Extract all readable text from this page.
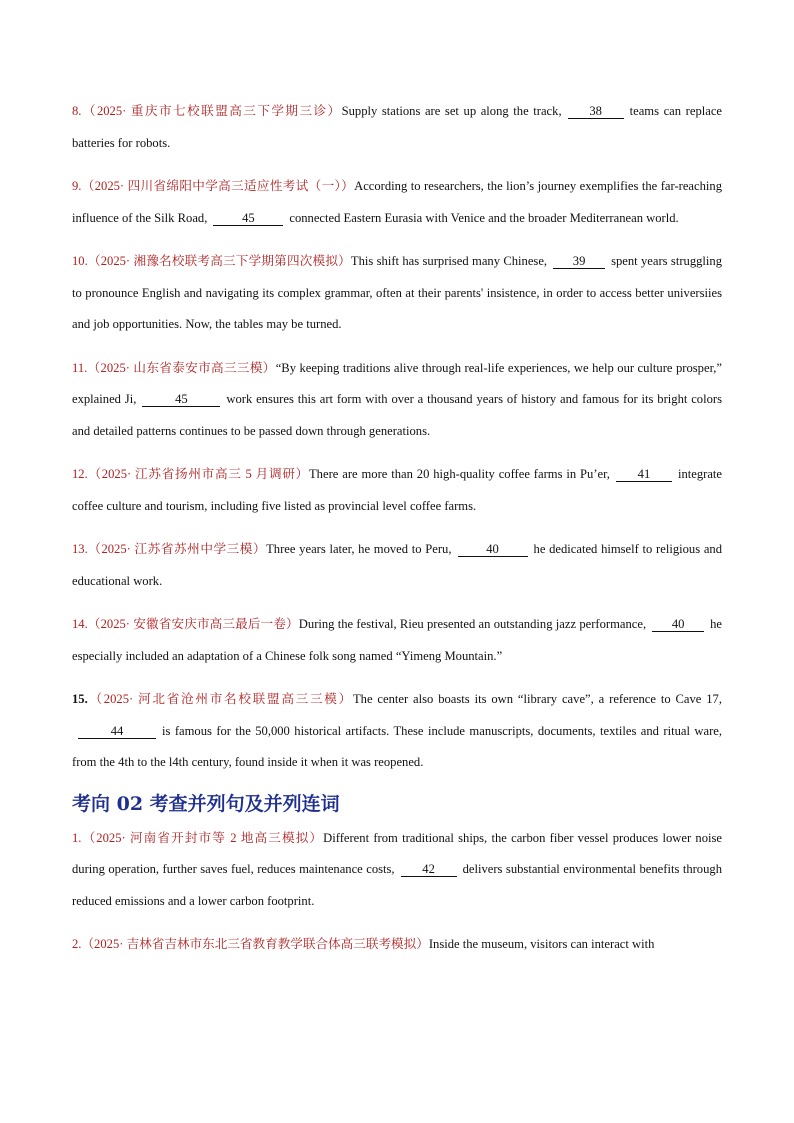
8.（2025· 重庆市七校联盟高三下学期三诊）Supply stations are set up along the track, 38 teams can replace batteries for robots.

9.（2025· 四川省绵阳中学高三适应性考试（一））According to researchers, the lion’s journey exemplifies the far-reaching influence of the Silk Road,	45	connected Eastern Eurasia with Venice and the broader Mediterranean world.

10.（2025· 湘豫名校联考高三下学期第四次模拟）This shift has surprised many Chinese, 39 spent years struggling to pronounce English and navigating its complex grammar, often at their parents' insistence, in order to access better universiies and job opportunities. Now, the tables may be turned.

11.（2025· 山东省泰安市高三三模）“By keeping traditions alive through real-life experiences, we help our culture prosper,” explained Ji,	45	work ensures this art form with over a thousand years of history and famous for its bright colors and detailed patterns continues to be passed down through generations.

12.（2025· 江苏省扬州市高三 5 月调研）There are more than 20 high-quality coffee farms in Pu’er, 41 integrate coffee culture and tourism, including five listed as provincial level coffee farms.

13.（2025· 江苏省苏州中学三模）Three years later, he moved to Peru,	40	he dedicated himself to religious and educational work.

14.（2025· 安徽省安庆市高三最后一卷）During the festival, Rieu presented an outstanding jazz performance, 40 he especially included an adaptation of a Chinese folk song named “Yimeng Mountain.”

15.（2025· 河北省沧州市名校联盟高三三模）The center also boasts its own “library cave”, a reference to Cave 17,44	is famous for the 50,000 historical artifacts. These include manuscripts, documents, textiles and ritual ware, from the 4th to the l4th century, found inside it when it was reopened.

考向 02 考查并列句及并列连词

1.（2025· 河南省开封市等 2 地高三模拟）Different from traditional ships, the carbon fiber vessel produces lower noise during operation, further saves fuel, reduces maintenance costs, 42 delivers substantial environmental benefits through reduced emissions and a lower carbon footprint.

2.（2025· 吉林省吉林市东北三省教育教学联合体高三联考模拟）Inside the museum, visitors can interact with
